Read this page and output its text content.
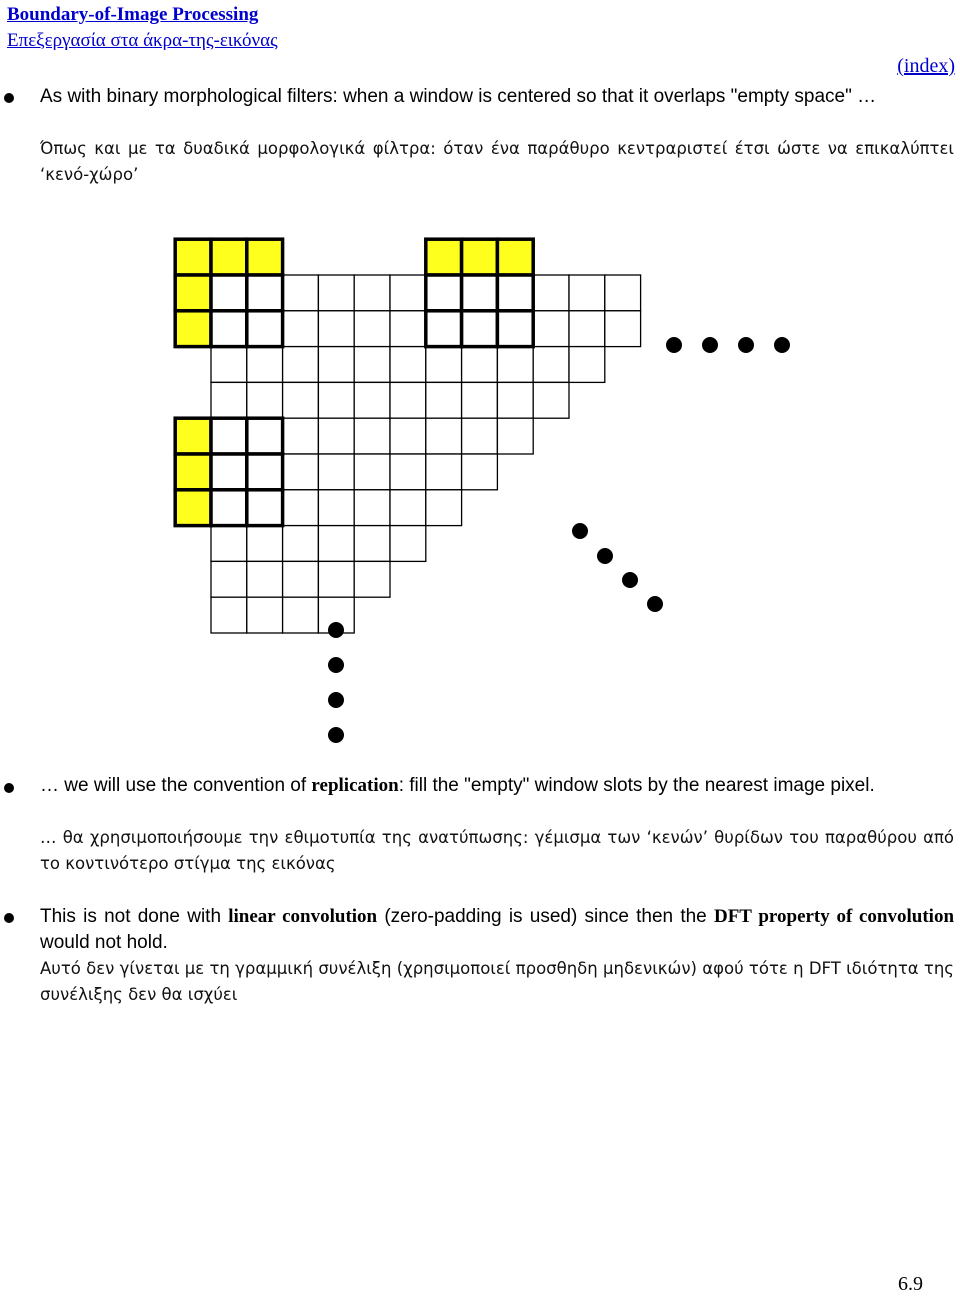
Boundary-of-Image Processing
Επεξεργασία στα άκρα-της-εικόνας
(index)

As with binary morphological filters: when a window is centered so that it overlaps "empty space" …

Όπως και με τα δυαδικά μορφολογικά φίλτρα: όταν ένα παράθυρο κεντραριστεί έτσι ώστε να επικαλύπτει ‘κενό-χώρο’

… we will use the convention of replication: fill the "empty" window slots by the nearest image pixel.

… θα χρησιμοποιήσουμε την εθιμοτυπία της ανατύπωσης: γέμισμα των ‘κενών’ θυρίδων του παραθύρου από το κοντινότερο στίγμα της εικόνας

This is not done with linear convolution (zero-padding is used) since then the DFT property of convolution would not hold.

Αυτό δεν γίνεται με τη γραμμική συνέλιξη (χρησιμοποιεί προσθηδη μηδενικών) αφού τότε η DFT ιδιότητα της συνέλιξης δεν θα ισχύει

6.9
